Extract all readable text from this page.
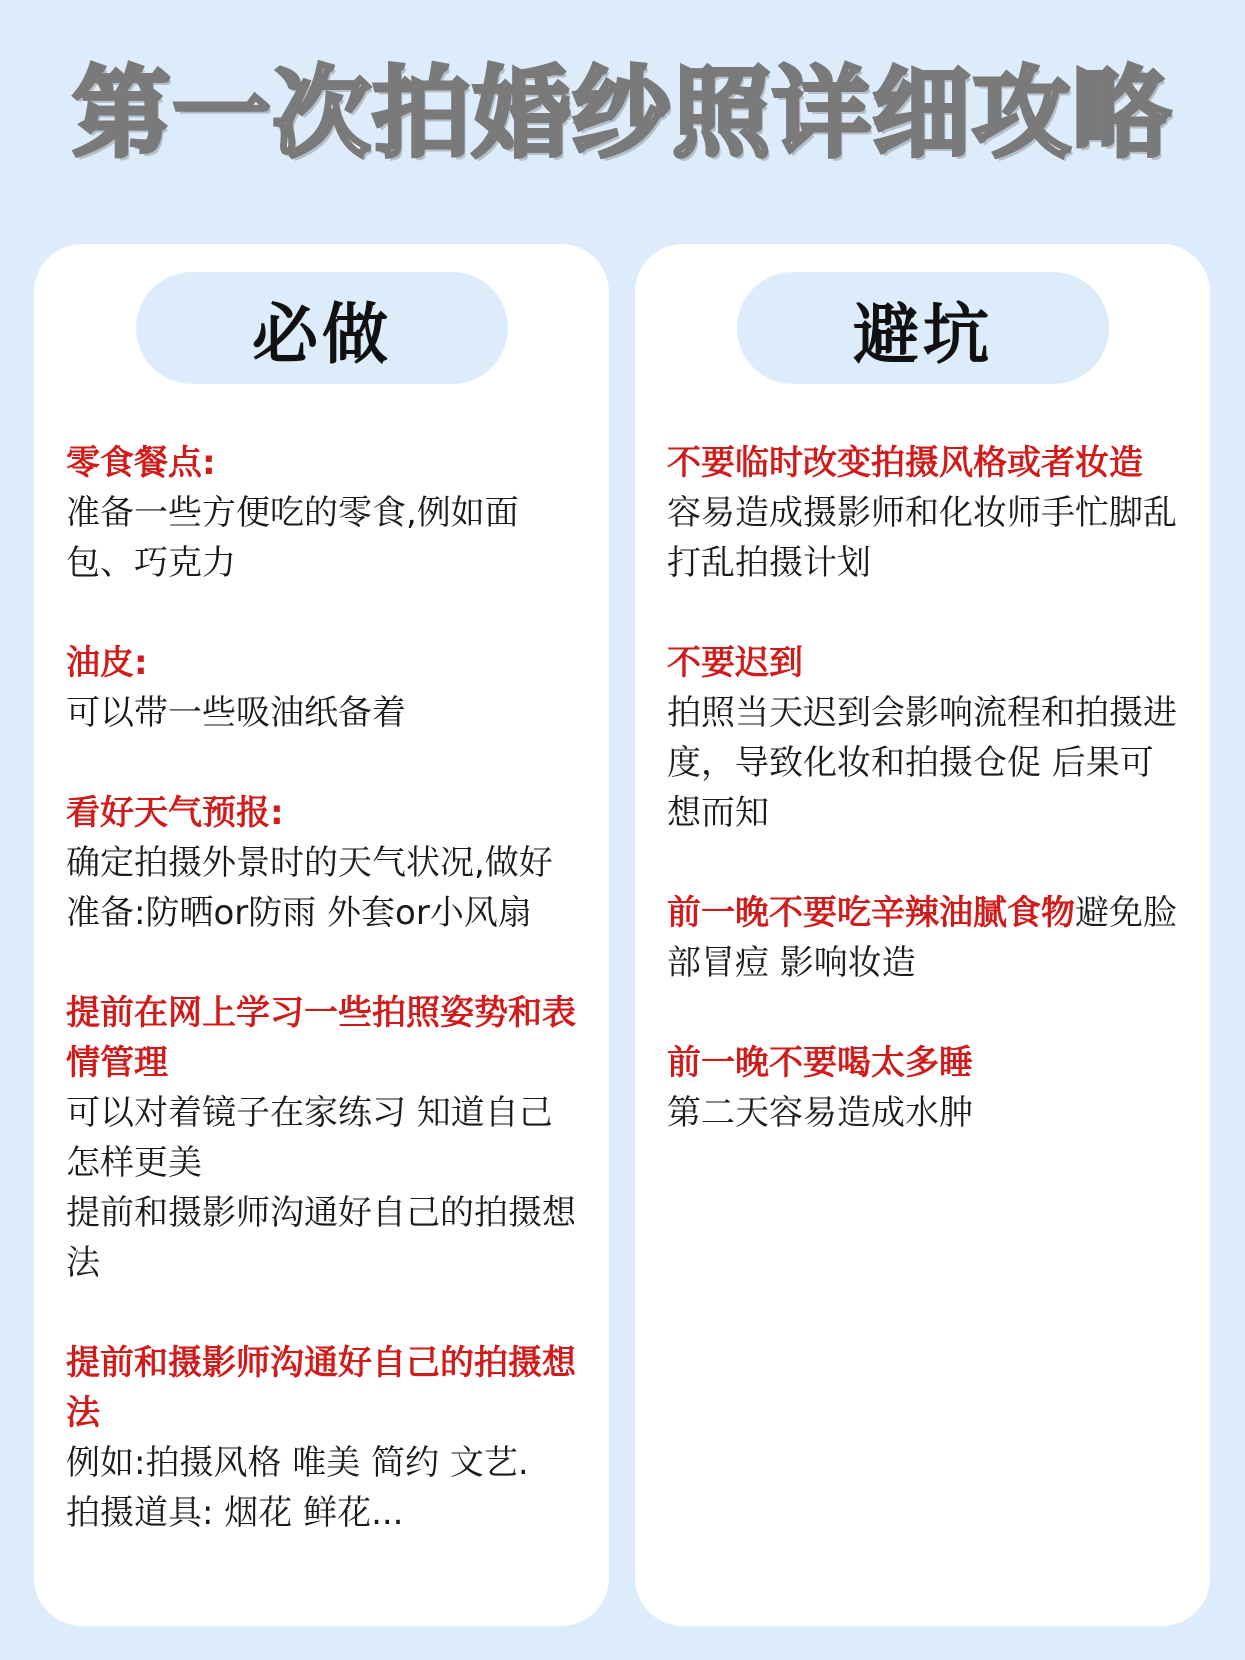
第一次拍婚纱照详细攻略
必做
零食餐点:
准备一些方便吃的零食,例如面包、巧克力
油皮:
可以带一些吸油纸备着
看好天气预报:
确定拍摄外景时的天气状况,做好准备:防晒or防雨 外套or小风扇
提前在网上学习一些拍照姿势和表情管理
可以对着镜子在家练习 知道自己怎样更美
提前和摄影师沟通好自己的拍摄想法
提前和摄影师沟通好自己的拍摄想法
例如:拍摄风格 唯美 简约 文艺.
拍摄道具: 烟花 鲜花...
避坑
不要临时改变拍摄风格或者妆造
容易造成摄影师和化妆师手忙脚乱打乱拍摄计划
不要迟到
拍照当天迟到会影响流程和拍摄进度，导致化妆和拍摄仓促 后果可想而知
前一晚不要吃辛辣油腻食物避免脸部冒痘 影响妆造
前一晚不要喝太多睡
第二天容易造成水肿
